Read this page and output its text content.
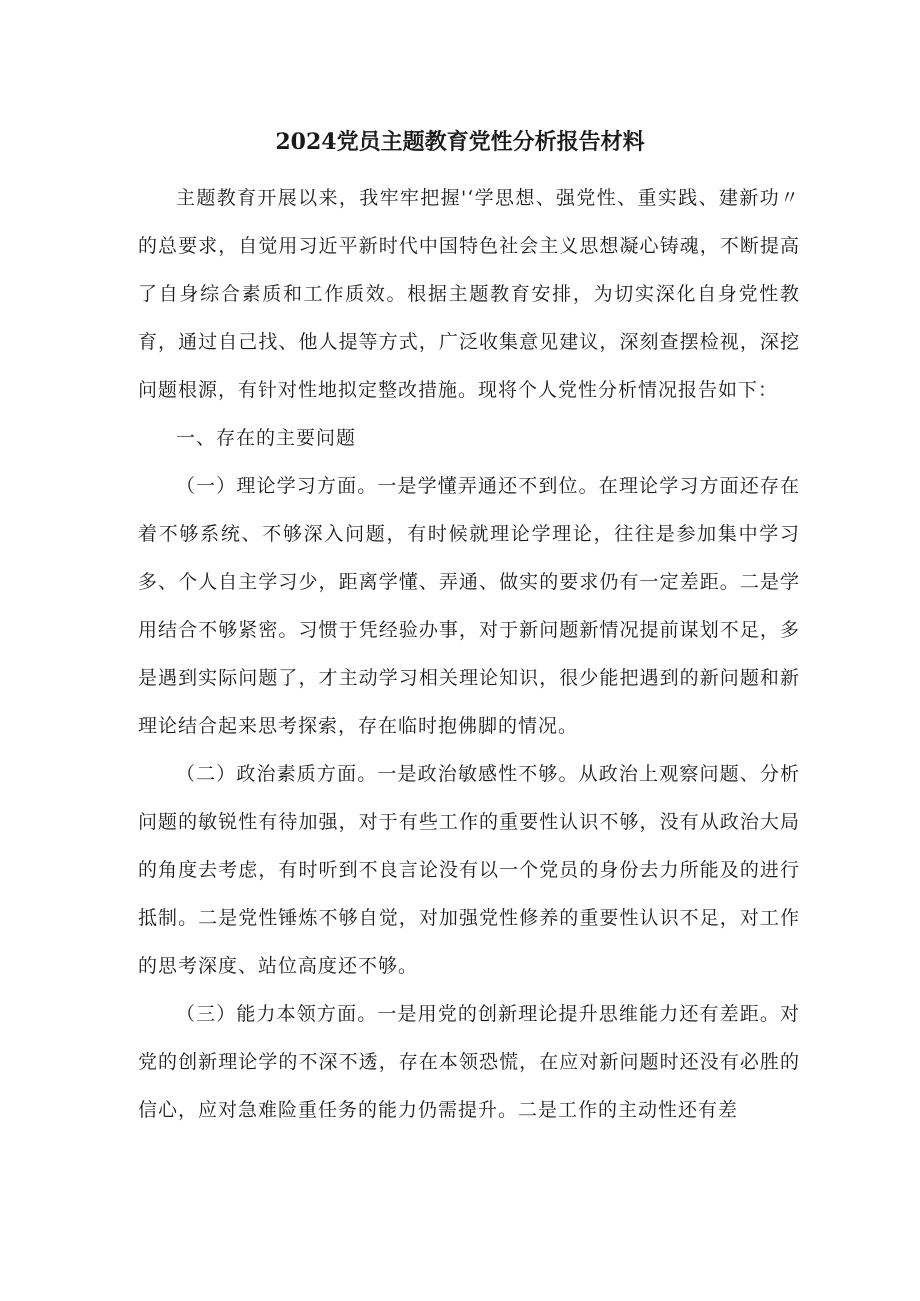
2024党员主题教育党性分析报告材料

主题教育开展以来，我牢牢把握'‘学思想、强党性、重实践、建新功〃的总要求，自觉用习近平新时代中国特色社会主义思想凝心铸魂，不断提高了自身综合素质和工作质效。根据主题教育安排，为切实深化自身党性教育，通过自己找、他人提等方式，广泛收集意见建议，深刻查摆检视，深挖问题根源，有针对性地拟定整改措施。现将个人党性分析情况报告如下：

一、存在的主要问题

（一）理论学习方面。一是学懂弄通还不到位。在理论学习方面还存在着不够系统、不够深入问题，有时候就理论学理论，往往是参加集中学习多、个人自主学习少，距离学懂、弄通、做实的要求仍有一定差距。二是学用结合不够紧密。习惯于凭经验办事，对于新问题新情况提前谋划不足，多是遇到实际问题了，才主动学习相关理论知识，很少能把遇到的新问题和新理论结合起来思考探索，存在临时抱佛脚的情况。

（二）政治素质方面。一是政治敏感性不够。从政治上观察问题、分析问题的敏锐性有待加强，对于有些工作的重要性认识不够，没有从政治大局的角度去考虑，有时听到不良言论没有以一个党员的身份去力所能及的进行抵制。二是党性锤炼不够自觉，对加强党性修养的重要性认识不足，对工作的思考深度、站位高度还不够。

（三）能力本领方面。一是用党的创新理论提升思维能力还有差距。对党的创新理论学的不深不透，存在本领恐慌，在应对新问题时还没有必胜的信心，应对急难险重任务的能力仍需提升。二是工作的主动性还有差
